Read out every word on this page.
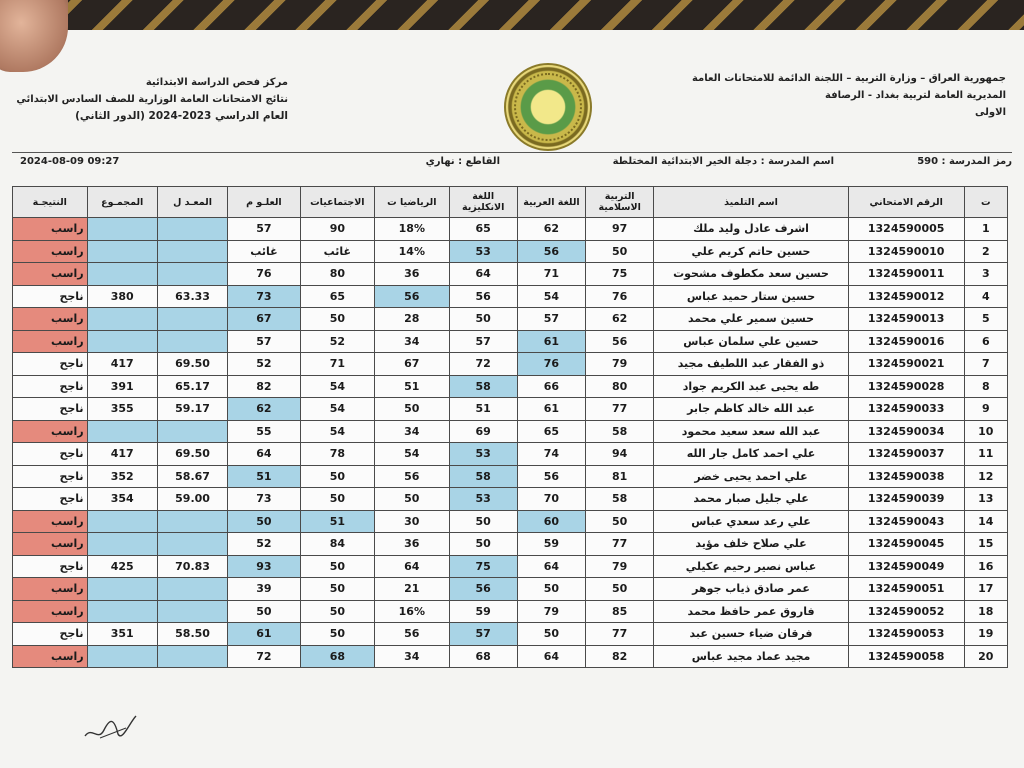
جمهورية العراق – وزارة التربية – اللجنة الدائمة للامتحانات العامة
المديرية العامة لتربية بغداد - الرصافة
الاولى
مركز فحص الدراسة الابتدائية
نتائج الامتحانات العامة الوزارية للصف السادس الابتدائي
العام الدراسي 2023-2024 (الدور الثاني)
رمز المدرسة : 590
اسم المدرسة : دجلة الخير الابتدائية المختلطة
القاطع : نهاري
09:27 2024-08-09
ت	الرقم الامتحاني	اسم التلميذ	التربية الاسلامية	اللغة العربية	اللغة الانكليزية	الرياضيا ت	الاجتماعيات	العلـو م	المعـد ل	المجمـوع	النتيجـة
1	1324590005	اشرف عادل وليد ملك	97	62	65	18%	90	57			راسب
2	1324590010	حسين حاتم كريم علي	50	56	53	14%	غائب	غائب			راسب
3	1324590011	حسين سعد مكطوف مشحوت	75	71	64	36	80	76			راسب
4	1324590012	حسين ستار حميد عباس	76	54	56	56	65	73	63.33	380	ناجح
5	1324590013	حسين سمير علي محمد	62	57	50	28	50	67			راسب
6	1324590016	حسين علي سلمان عباس	56	61	57	34	52	57			راسب
7	1324590021	ذو الفقار عبد اللطيف مجيد	79	76	72	67	71	52	69.50	417	ناجح
8	1324590028	طه يحيى عبد الكريم جواد	80	66	58	51	54	82	65.17	391	ناجح
9	1324590033	عبد الله خالد كاظم جابر	77	61	51	50	54	62	59.17	355	ناجح
10	1324590034	عبد الله سعد سعيد محمود	58	65	69	34	54	55			راسب
11	1324590037	علي احمد كامل جار الله	94	74	53	54	78	64	69.50	417	ناجح
12	1324590038	علي احمد يحيى خضر	81	56	58	56	50	51	58.67	352	ناجح
13	1324590039	علي جليل صبار محمد	58	70	53	50	50	73	59.00	354	ناجح
14	1324590043	علي رعد سعدي عباس	50	60	50	30	51	50			راسب
15	1324590045	علي صلاح خلف مؤيد	77	59	50	36	84	52			راسب
16	1324590049	عباس نصير رحيم عكيلي	79	64	75	64	50	93	70.83	425	ناجح
17	1324590051	عمر صادق ذياب جوهر	50	50	56	21	50	39			راسب
18	1324590052	فاروق عمر حافظ محمد	85	79	59	16%	50	50			راسب
19	1324590053	فرقان ضياء حسين عبد	77	50	57	56	50	61	58.50	351	ناجح
20	1324590058	مجيد عماد مجيد عباس	82	64	68	34	68	72			راسب
